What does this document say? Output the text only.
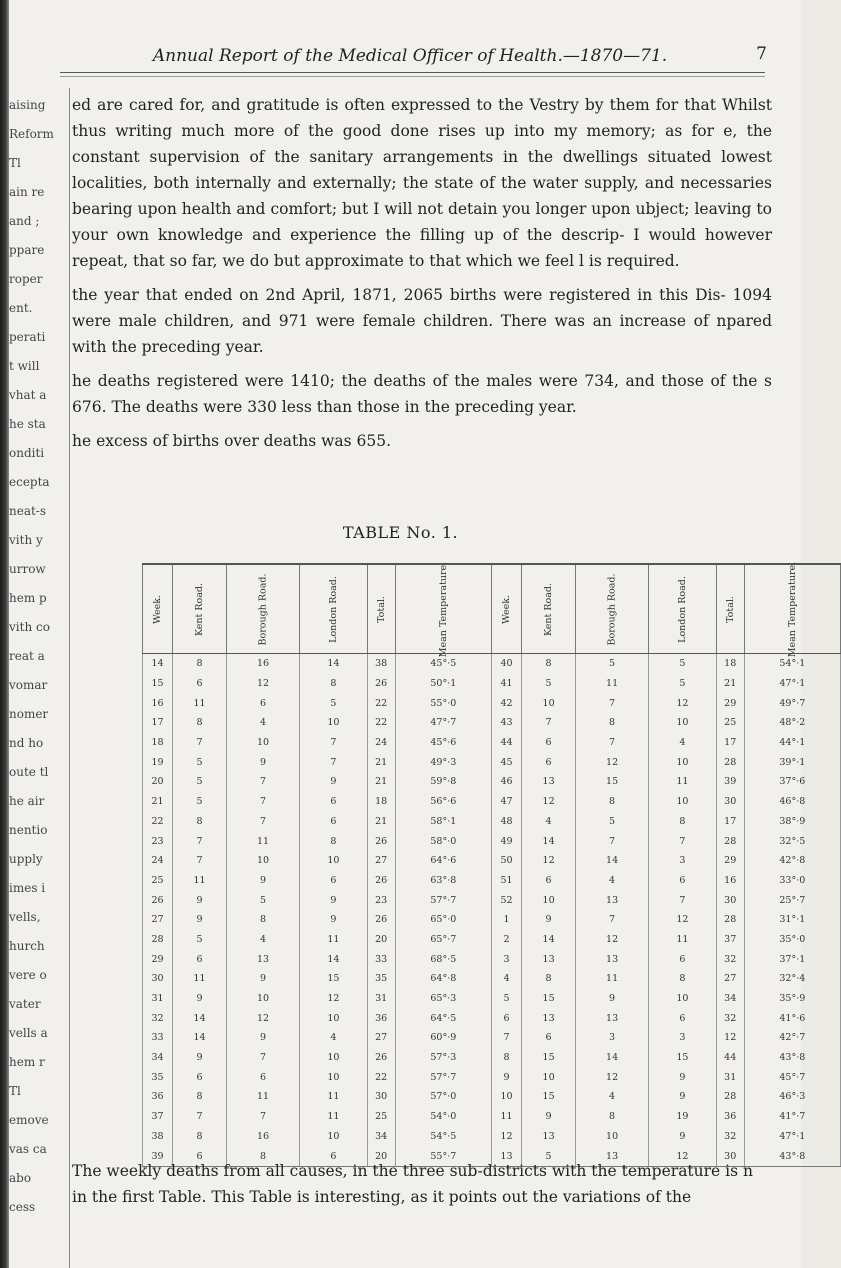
Annual Report of the Medical Officer of Health.—1870—71.	7
aising
Reform
Tl
ain re
and ;
ppare
roper
ent.
perati
t will
vhat a
he sta
onditi
ecepta
neat-s
vith y
urrow
hem p
vith co
reat a
vomar
nomer
nd ho
oute tl
he air
nentio
upply
imes i
vells,
hurch
vere o
vater
vells a
hem r
Tl
emove
vas ca
abo
cess

ed are cared for, and gratitude is often expressed to the Vestry by them for that Whilst thus writing much more of the good done rises up into my memory; as for e, the constant supervision of the sanitary arrangements in the dwellings situated lowest localities, both internally and externally; the state of the water supply, and necessaries bearing upon health and comfort; but I will not detain you longer upon ubject; leaving to your own knowledge and experience the filling up of the descrip- I would however repeat, that so far, we do but approximate to that which we feel l is required.

the year that ended on 2nd April, 1871, 2065 births were registered in this Dis- 1094 were male children, and 971 were female children. There was an increase of npared with the preceding year.

he deaths registered were 1410; the deaths of the males were 734, and those of the s 676. The deaths were 330 less than those in the preceding year.

he excess of births over deaths was 655.

TABLE No. 1.
Week.	Kent Road.	Borough Road.	London Road.	Total.	Mean Temperature.	Week.	Kent Road.	Borough Road.	London Road.	Total.	Mean Temperature.
14	8	16	14	38	45°·5	40	8	5	5	18	54°·1
15	6	12	8	26	50°·1	41	5	11	5	21	47°·1
16	11	6	5	22	55°·0	42	10	7	12	29	49°·7
17	8	4	10	22	47°·7	43	7	8	10	25	48°·2
18	7	10	7	24	45°·6	44	6	7	4	17	44°·1
19	5	9	7	21	49°·3	45	6	12	10	28	39°·1
20	5	7	9	21	59°·8	46	13	15	11	39	37°·6
21	5	7	6	18	56°·6	47	12	8	10	30	46°·8
22	8	7	6	21	58°·1	48	4	5	8	17	38°·9
23	7	11	8	26	58°·0	49	14	7	7	28	32°·5
24	7	10	10	27	64°·6	50	12	14	3	29	42°·8
25	11	9	6	26	63°·8	51	6	4	6	16	33°·0
26	9	5	9	23	57°·7	52	10	13	7	30	25°·7
27	9	8	9	26	65°·0	1	9	7	12	28	31°·1
28	5	4	11	20	65°·7	2	14	12	11	37	35°·0
29	6	13	14	33	68°·5	3	13	13	6	32	37°·1
30	11	9	15	35	64°·8	4	8	11	8	27	32°·4
31	9	10	12	31	65°·3	5	15	9	10	34	35°·9
32	14	12	10	36	64°·5	6	13	13	6	32	41°·6
33	14	9	4	27	60°·9	7	6	3	3	12	42°·7
34	9	7	10	26	57°·3	8	15	14	15	44	43°·8
35	6	6	10	22	57°·7	9	10	12	9	31	45°·7
36	8	11	11	30	57°·0	10	15	4	9	28	46°·3
37	7	7	11	25	54°·0	11	9	8	19	36	41°·7
38	8	16	10	34	54°·5	12	13	10	9	32	47°·1
39	6	8	6	20	55°·7	13	5	13	12	30	43°·8
The weekly deaths from all causes, in the three sub-districts with the temperature is n in the first Table. This Table is interesting, as it points out the variations of the
